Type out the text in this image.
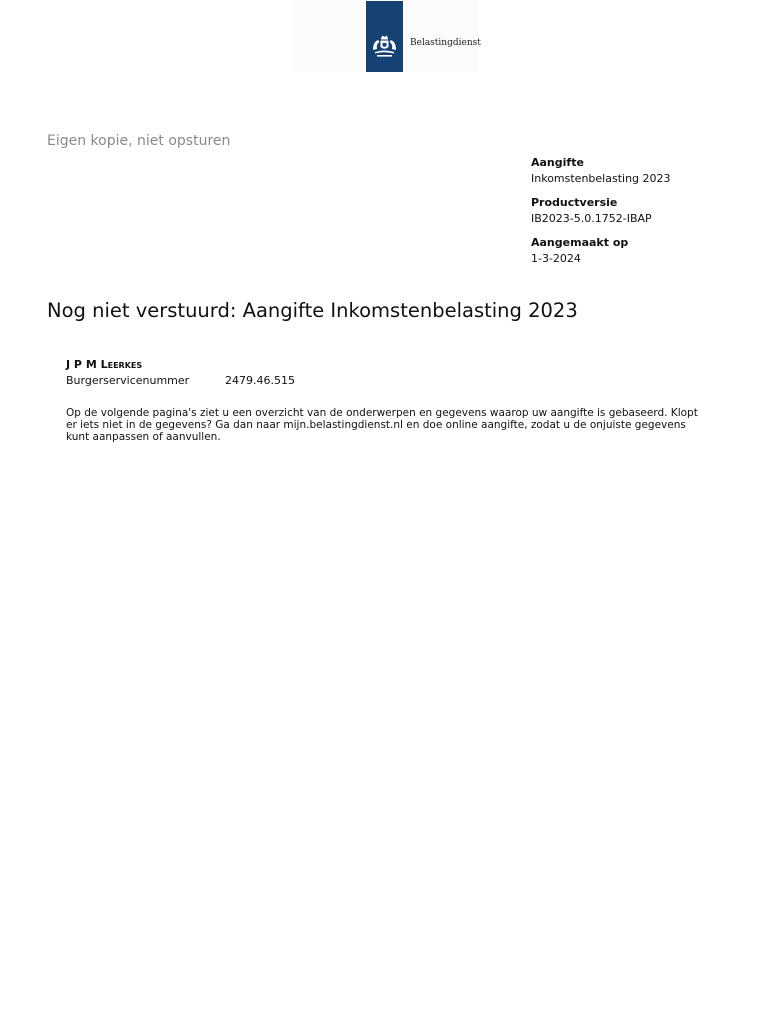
Belastingdienst
Eigen kopie, niet opsturen
Aangifte
Inkomstenbelasting 2023
Productversie
IB2023-5.0.1752-IBAP
Aangemaakt op
1-3-2024
Nog niet verstuurd: Aangifte Inkomstenbelasting 2023
J P M Leerkes
Burgerservicenummer	2479.46.515

Op de volgende pagina's ziet u een overzicht van de onderwerpen en gegevens waarop uw aangifte is gebaseerd. Klopt er iets niet in de gegevens? Ga dan naar mijn.belastingdienst.nl en doe online aangifte, zodat u de onjuiste gegevens kunt aanpassen of aanvullen.
